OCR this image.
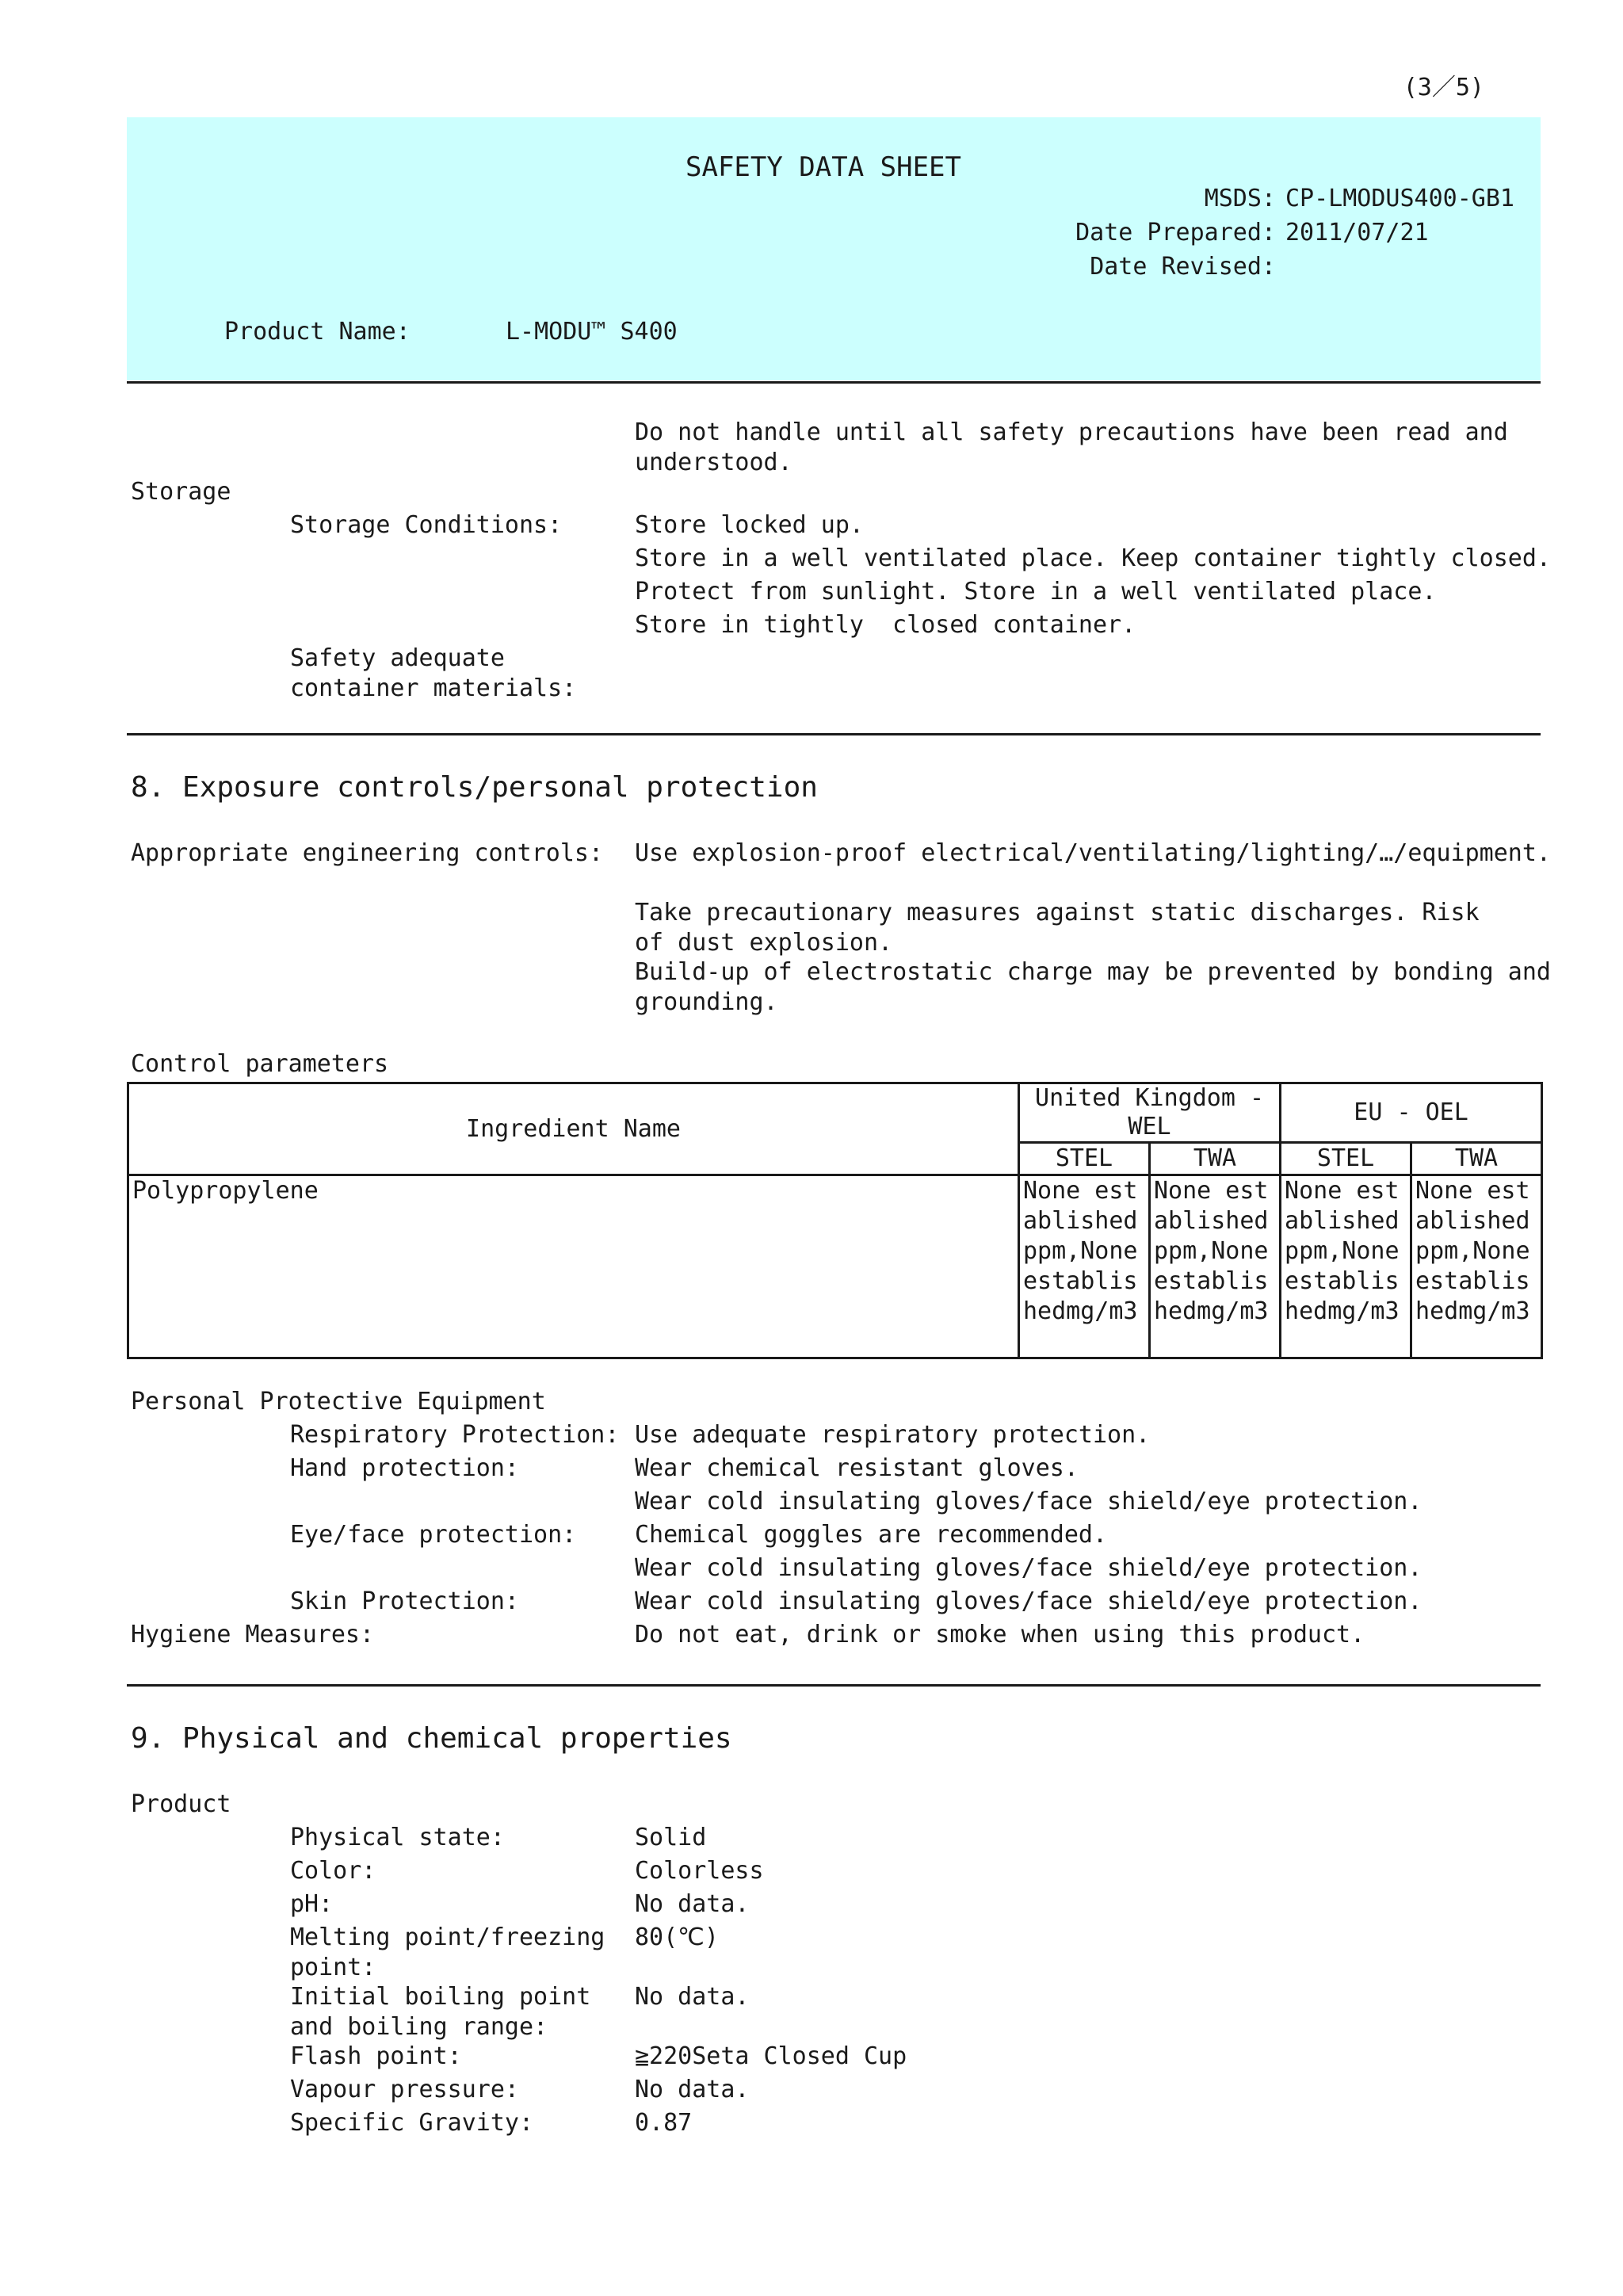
(3／5)
SAFETY DATA SHEET
MSDS: CP-LMODUS400-GB1
Date Prepared: 2011/07/21
Date Revised:
Product Name:	L-MODU™ S400
Do not handle until all safety precautions have been read and
understood.
Storage
Storage Conditions:	Store locked up.
Store in a well ventilated place. Keep container tightly closed.
Protect from sunlight. Store in a well ventilated place.
Store in tightly  closed container.
Safety adequate
container materials:
8. Exposure controls/personal protection
Appropriate engineering controls: Use explosion-proof electrical/ventilating/lighting/…/equipment.
Take precautionary measures against static discharges. Risk
of dust explosion.
Build-up of electrostatic charge may be prevented by bonding and
grounding.
Control parameters
Ingredient Name	United Kingdom - WEL		EU - OEL	
	STEL	TWA	STEL	TWA
Polypropylene	None establishedppm,None establishedmg/m3	None establishedppm,None establishedmg/m3	None establishedppm,None establishedmg/m3	None establishedppm,None establishedmg/m3
Personal Protective Equipment
Respiratory Protection: Use adequate respiratory protection.
Hand protection:	Wear chemical resistant gloves.
Wear cold insulating gloves/face shield/eye protection.
Eye/face protection: Chemical goggles are recommended.
Wear cold insulating gloves/face shield/eye protection.
Skin Protection:	Wear cold insulating gloves/face shield/eye protection.
Hygiene Measures:	Do not eat, drink or smoke when using this product.
9. Physical and chemical properties
Product
Physical state:	Solid
Color:	Colorless
pH:	No data.
Melting point/freezing
point:
80(℃)
Initial boiling point
and boiling range:
No data.
Flash point:	≧220Seta Closed Cup
Vapour pressure:	No data.
Specific Gravity:	0.87
